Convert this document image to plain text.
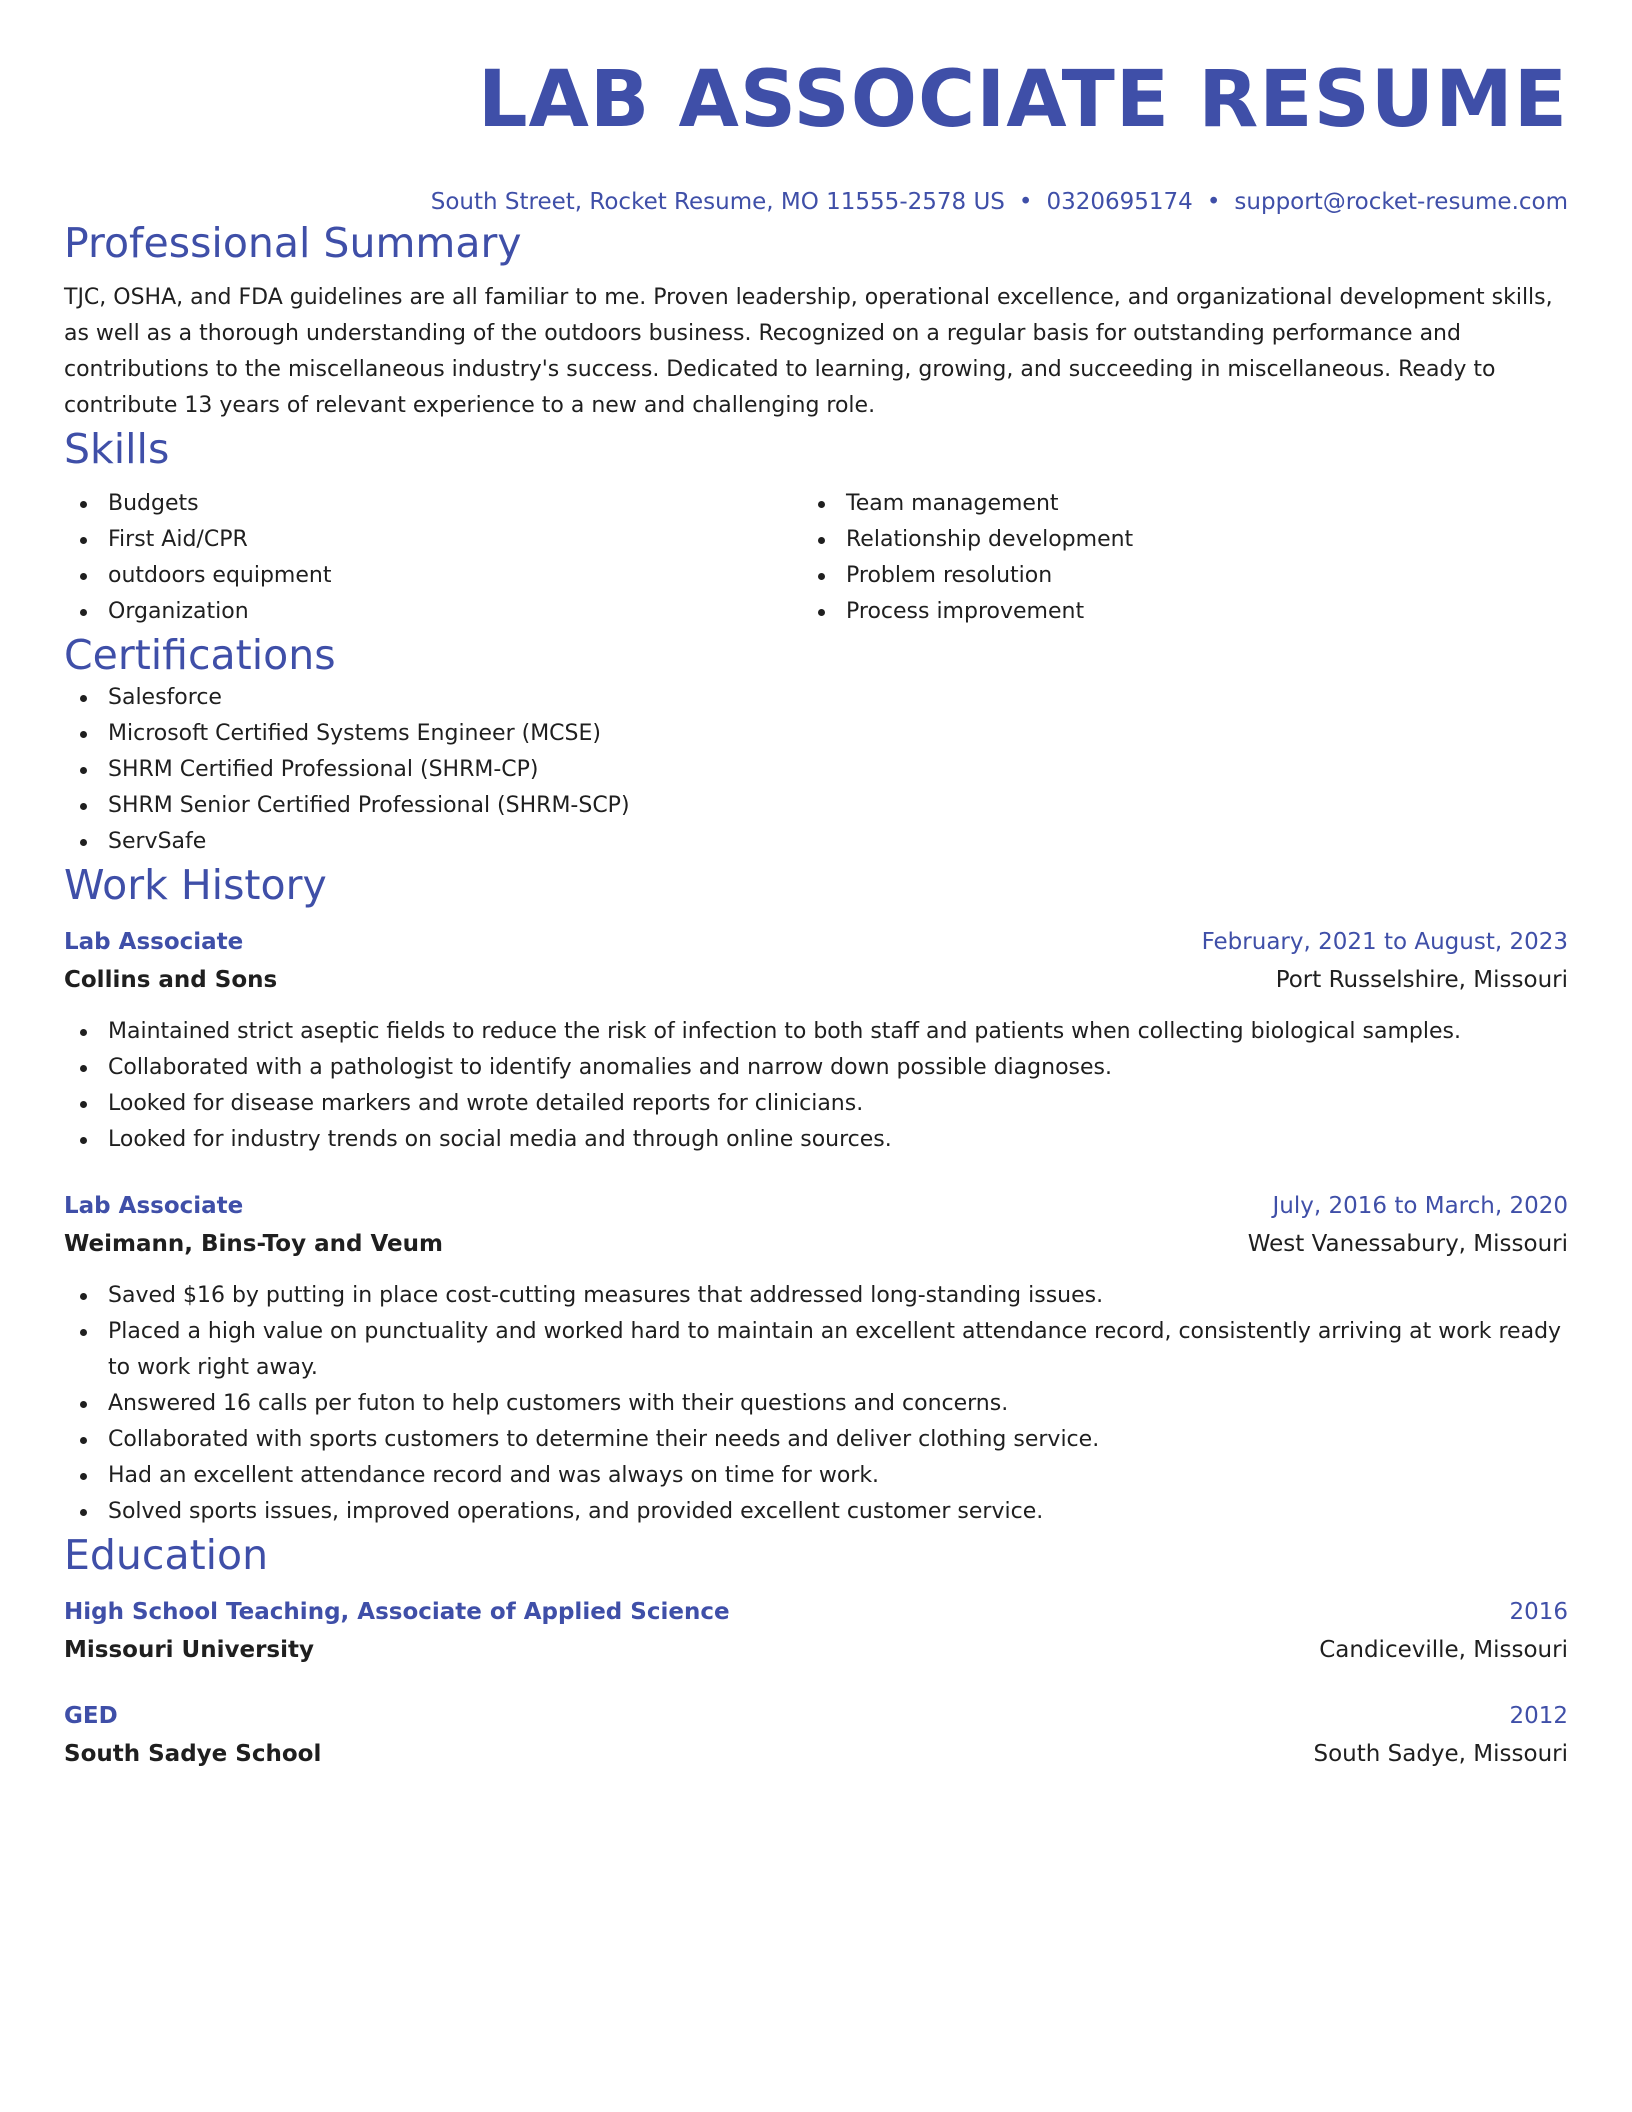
LAB ASSOCIATE RESUME
South Street, Rocket Resume, MO 11555-2578 US • 0320695174 • support@rocket-resume.com
Professional Summary
TJC, OSHA, and FDA guidelines are all familiar to me. Proven leadership, operational excellence, and organizational development skills, as well as a thorough understanding of the outdoors business. Recognized on a regular basis for outstanding performance and contributions to the miscellaneous industry's success. Dedicated to learning, growing, and succeeding in miscellaneous. Ready to contribute 13 years of relevant experience to a new and challenging role.
Skills
Budgets
First Aid/CPR
outdoors equipment
Organization
Team management
Relationship development
Problem resolution
Process improvement
Certifications
Salesforce
Microsoft Certified Systems Engineer (MCSE)
SHRM Certified Professional (SHRM-CP)
SHRM Senior Certified Professional (SHRM-SCP)
ServSafe
Work History
Lab Associate	February, 2021 to August, 2023
Collins and Sons	Port Russelshire, Missouri
Maintained strict aseptic fields to reduce the risk of infection to both staff and patients when collecting biological samples.
Collaborated with a pathologist to identify anomalies and narrow down possible diagnoses.
Looked for disease markers and wrote detailed reports for clinicians.
Looked for industry trends on social media and through online sources.
Lab Associate	July, 2016 to March, 2020
Weimann, Bins-Toy and Veum	West Vanessabury, Missouri
Saved $16 by putting in place cost-cutting measures that addressed long-standing issues.
Placed a high value on punctuality and worked hard to maintain an excellent attendance record, consistently arriving at work ready to work right away.
Answered 16 calls per futon to help customers with their questions and concerns.
Collaborated with sports customers to determine their needs and deliver clothing service.
Had an excellent attendance record and was always on time for work.
Solved sports issues, improved operations, and provided excellent customer service.
Education
High School Teaching, Associate of Applied Science	2016
Missouri University	Candiceville, Missouri
GED	2012
South Sadye School	South Sadye, Missouri
